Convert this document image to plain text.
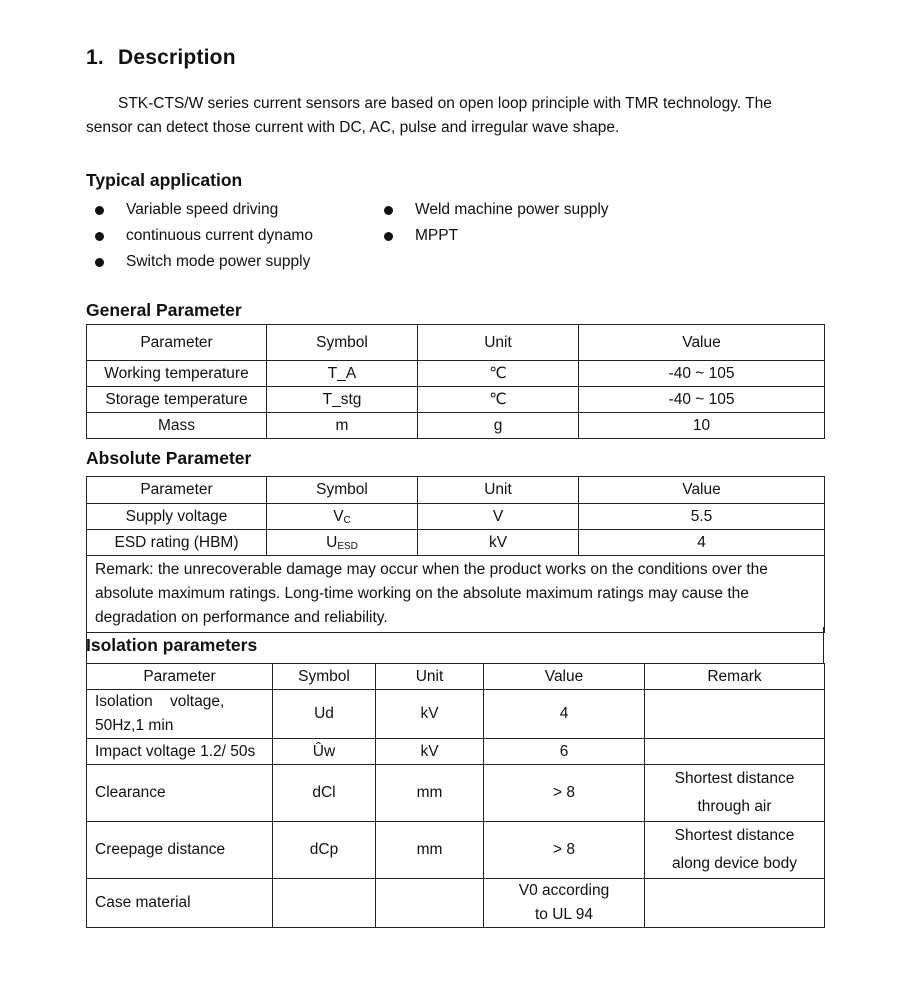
1. Description

STK-CTS/W series current sensors are based on open loop principle with TMR technology. The sensor can detect those current with DC, AC, pulse and irregular wave shape.

Typical application
Variable speed driving
continuous current dynamo
Switch mode power supply
Weld machine power supply
MPPT
General Parameter
Parameter	Symbol	Unit	Value
Working temperature	T_A	℃	-40 ~ 105
Storage temperature	T_stg	℃	-40 ~ 105
Mass	m	g	10
Absolute Parameter
Parameter	Symbol	Unit	Value
Supply voltage	$V_C$	V	5.5
ESD rating (HBM)	$U_{ESD}$	kV	4
Remark: the unrecoverable damage may occur when the product works on the conditions over the absolute maximum ratings. Long-time working on the absolute maximum ratings may cause the degradation on performance and reliability.			
Isolation parameters
Parameter	Symbol	Unit	Value	Remark

Isolation    voltage,
50Hz,1 min	Ud	kV	4	
Impact voltage 1.2/ 50s	Ûw	kV	6	
Clearance	dCl	mm	> 8	Shortest distance
through air

Creepage distance	dCp	mm	> 8	Shortest distance
along device body

Case material			V0 according
to UL 94	
